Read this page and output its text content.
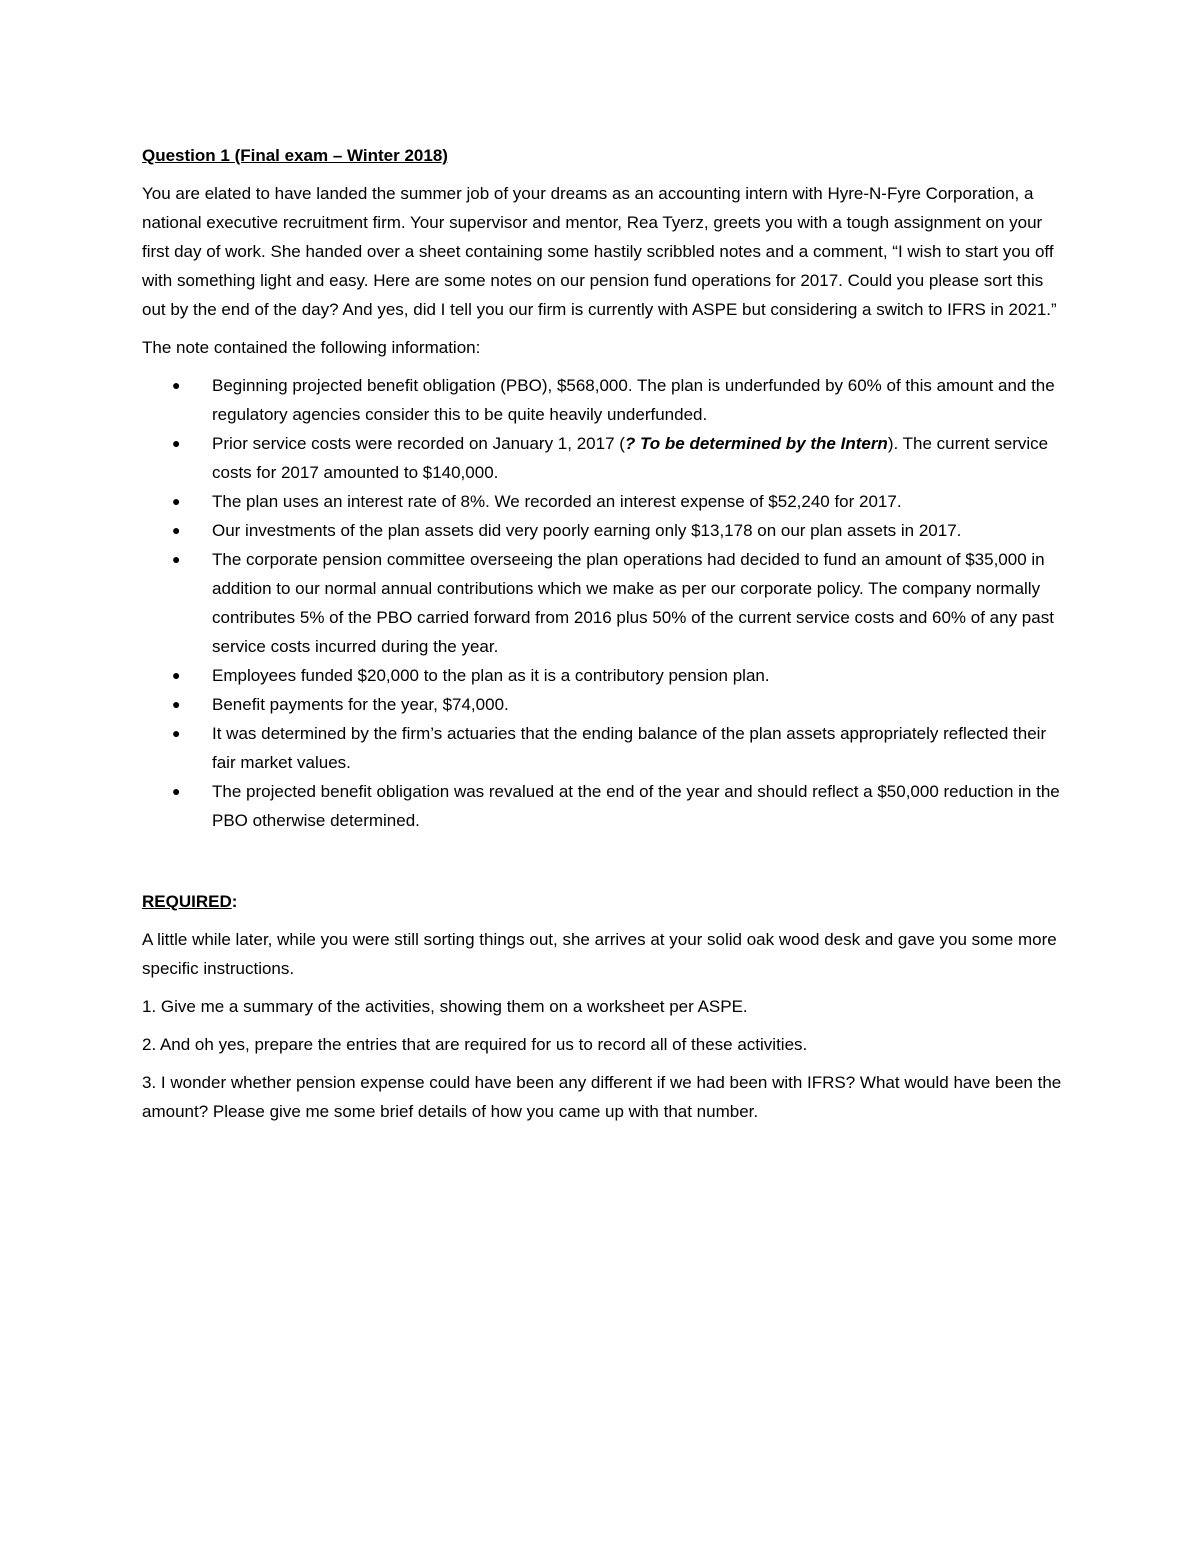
Question 1 (Final exam – Winter 2018)

You are elated to have landed the summer job of your dreams as an accounting intern with Hyre-N-Fyre Corporation, a national executive recruitment firm. Your supervisor and mentor, Rea Tyerz, greets you with a tough assignment on your first day of work. She handed over a sheet containing some hastily scribbled notes and a comment, “I wish to start you off with something light and easy. Here are some notes on our pension fund operations for 2017. Could you please sort this out by the end of the day? And yes, did I tell you our firm is currently with ASPE but considering a switch to IFRS in 2021.”

The note contained the following information:

● Beginning projected benefit obligation (PBO), $568,000. The plan is underfunded by 60% of this amount and the regulatory agencies consider this to be quite heavily underfunded.
● Prior service costs were recorded on January 1, 2017 (? To be determined by the Intern). The current service costs for 2017 amounted to $140,000.
● The plan uses an interest rate of 8%. We recorded an interest expense of $52,240 for 2017.
● Our investments of the plan assets did very poorly earning only $13,178 on our plan assets in 2017.
● The corporate pension committee overseeing the plan operations had decided to fund an amount of $35,000 in addition to our normal annual contributions which we make as per our corporate policy. The company normally contributes 5% of the PBO carried forward from 2016 plus 50% of the current service costs and 60% of any past service costs incurred during the year.
● Employees funded $20,000 to the plan as it is a contributory pension plan.
● Benefit payments for the year, $74,000.
● It was determined by the firm’s actuaries that the ending balance of the plan assets appropriately reflected their fair market values.
● The projected benefit obligation was revalued at the end of the year and should reflect a $50,000 reduction in the PBO otherwise determined.

REQUIRED:

A little while later, while you were still sorting things out, she arrives at your solid oak wood desk and gave you some more specific instructions.

1. Give me a summary of the activities, showing them on a worksheet per ASPE.

2. And oh yes, prepare the entries that are required for us to record all of these activities.

3. I wonder whether pension expense could have been any different if we had been with IFRS? What would have been the amount? Please give me some brief details of how you came up with that number.
